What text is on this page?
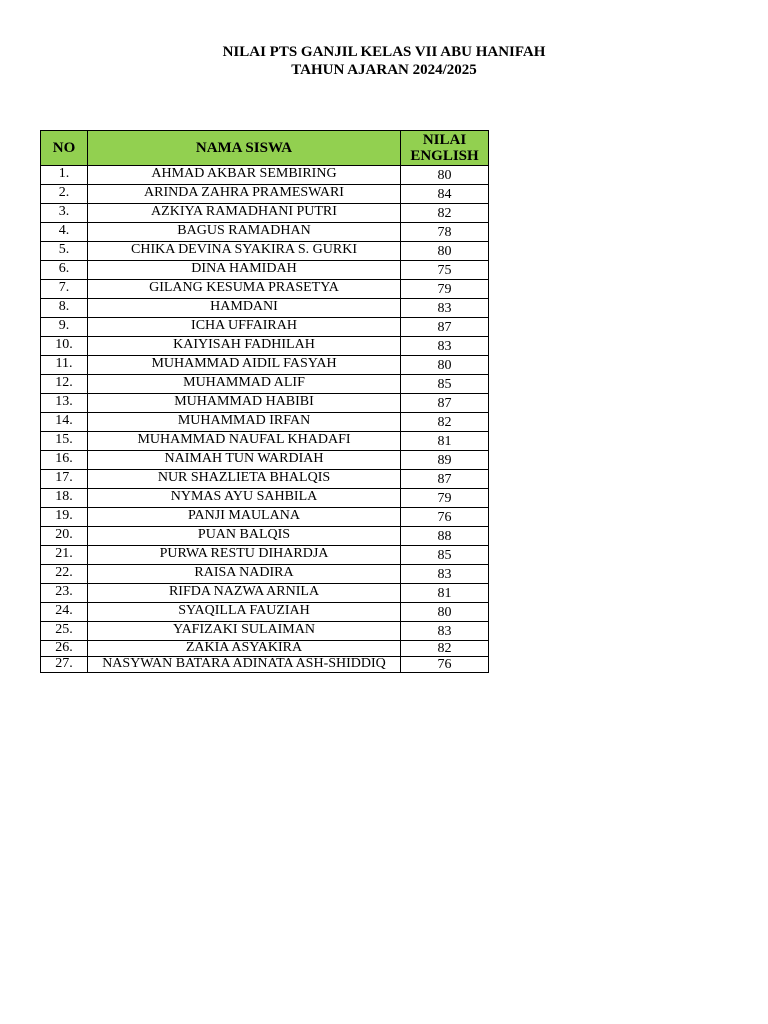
NILAI PTS GANJIL KELAS VII ABU HANIFAH
TAHUN AJARAN 2024/2025
NO	NAMA SISWA	NILAI
ENGLISH

1.	AHMAD AKBAR SEMBIRING	80
2.	ARINDA ZAHRA PRAMESWARI	84
3.	AZKIYA RAMADHANI PUTRI	82
4.	BAGUS RAMADHAN	78
5.	CHIKA DEVINA SYAKIRA S. GURKI	80
6.	DINA HAMIDAH	75
7.	GILANG KESUMA PRASETYA	79
8.	HAMDANI	83
9.	ICHA UFFAIRAH	87
10.	KAIYISAH FADHILAH	83
11.	MUHAMMAD AIDIL FASYAH	80
12.	MUHAMMAD ALIF	85
13.	MUHAMMAD HABIBI	87
14.	MUHAMMAD IRFAN	82
15.	MUHAMMAD NAUFAL KHADAFI	81
16.	NAIMAH TUN WARDIAH	89
17.	NUR SHAZLIETA BHALQIS	87
18.	NYMAS AYU SAHBILA	79
19.	PANJI MAULANA	76
20.	PUAN BALQIS	88
21.	PURWA RESTU DIHARDJA	85
22.	RAISA NADIRA	83
23.	RIFDA NAZWA ARNILA	81
24.	SYAQILLA FAUZIAH	80
25.	YAFIZAKI SULAIMAN	83
26.	ZAKIA ASYAKIRA	82
27.	NASYWAN BATARA ADINATA ASH-SHIDDIQ	76
